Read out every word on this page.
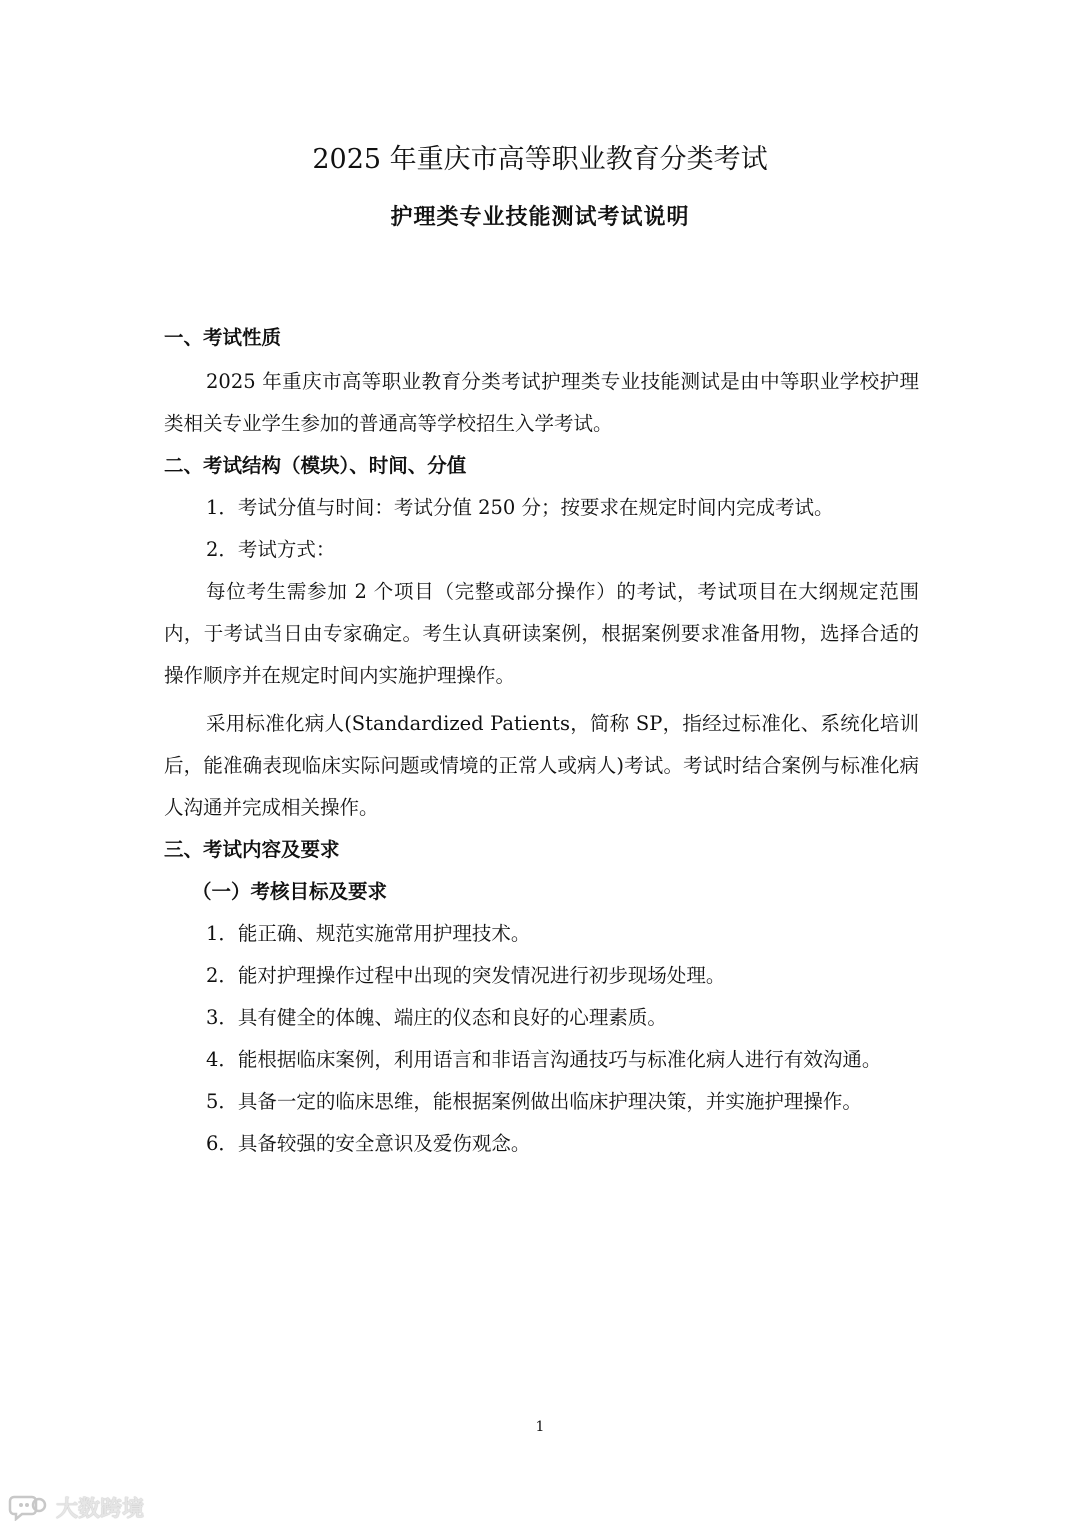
2025 年重庆市高等职业教育分类考试
护理类专业技能测试考试说明
一、考试性质

2025 年重庆市高等职业教育分类考试护理类专业技能测试是由中等职业学校护理类相关专业学生参加的普通高等学校招生入学考试。

二、考试结构（模块）、时间、分值

1．考试分值与时间：考试分值 250 分；按要求在规定时间内完成考试。

2．考试方式：

每位考生需参加 2 个项目（完整或部分操作）的考试，考试项目在大纲规定范围内，于考试当日由专家确定。考生认真研读案例，根据案例要求准备用物，选择合适的操作顺序并在规定时间内实施护理操作。

采用标准化病人(Standardized Patients，简称 SP，指经过标准化、系统化培训后，能准确表现临床实际问题或情境的正常人或病人)考试。考试时结合案例与标准化病人沟通并完成相关操作。

三、考试内容及要求
（一）考核目标及要求

1．能正确、规范实施常用护理技术。

2．能对护理操作过程中出现的突发情况进行初步现场处理。

3．具有健全的体魄、端庄的仪态和良好的心理素质。

4．能根据临床案例，利用语言和非语言沟通技巧与标准化病人进行有效沟通。

5．具备一定的临床思维，能根据案例做出临床护理决策，并实施护理操作。

6．具备较强的安全意识及爱伤观念。

1
大数跨境
